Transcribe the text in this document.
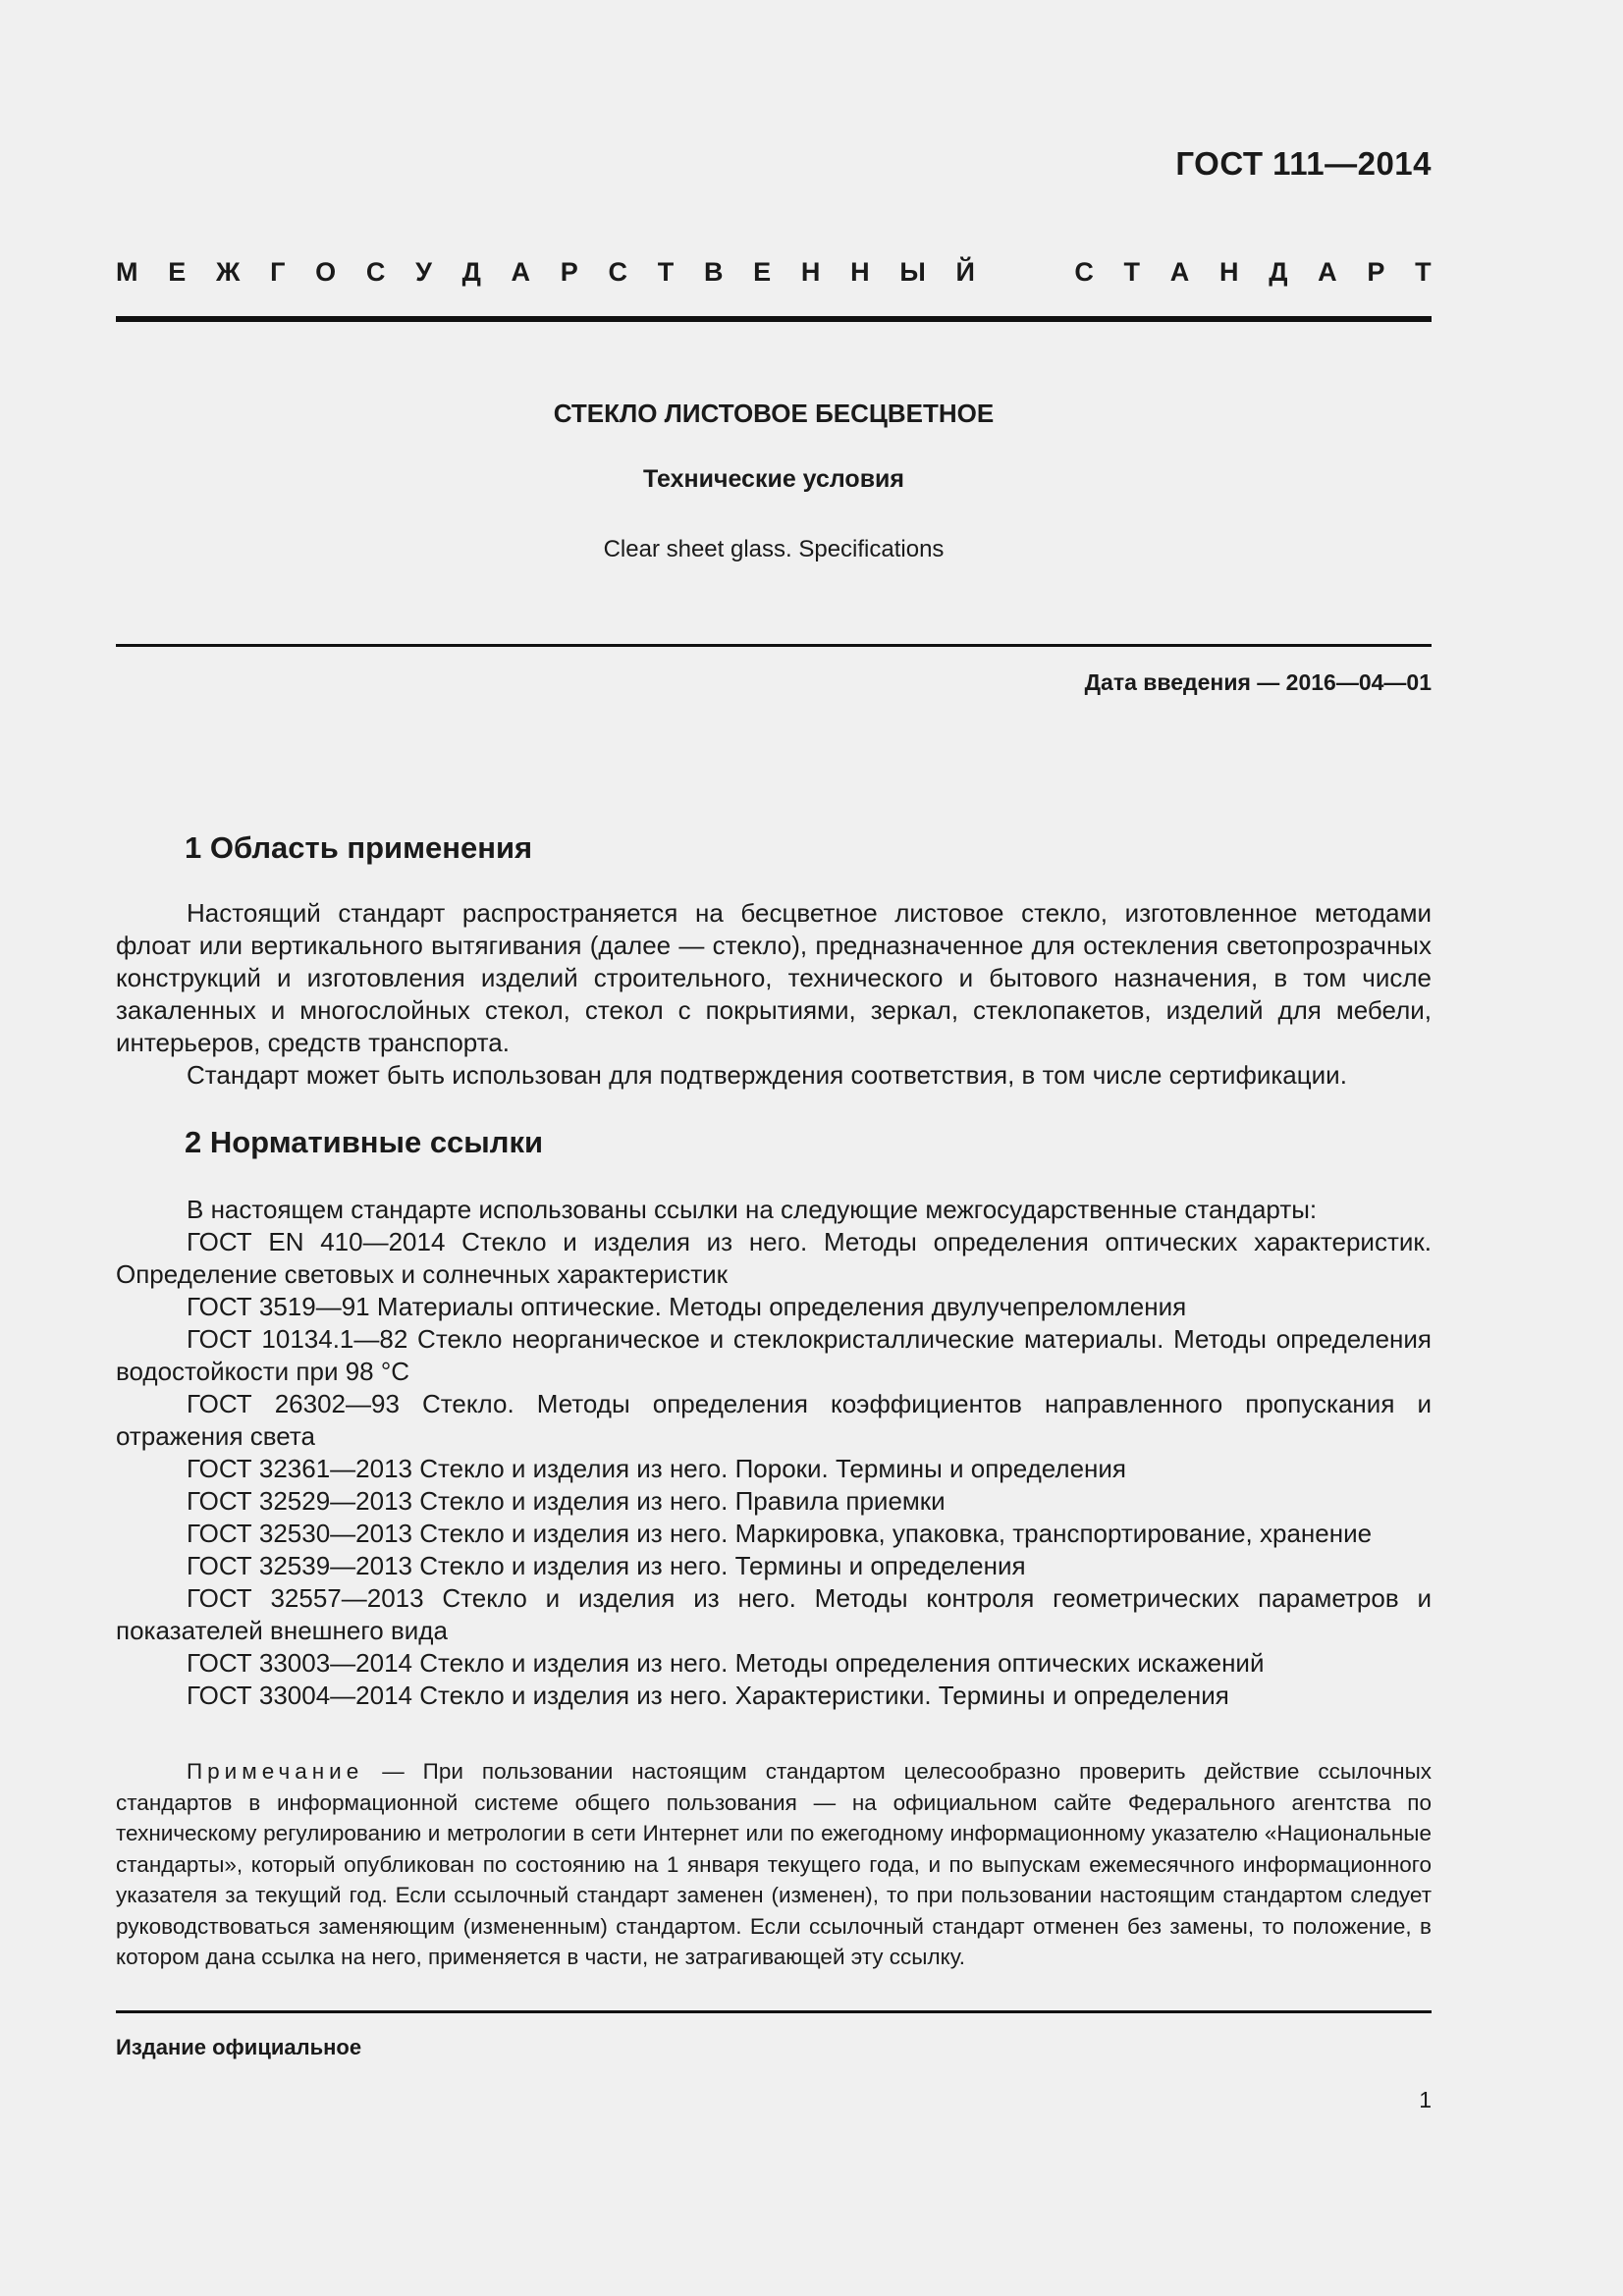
ГОСТ 111—2014
М Е Ж Г О С У Д А Р С Т В Е Н Н Ы Й	С Т А Н Д А Р Т
СТЕКЛО ЛИСТОВОЕ БЕСЦВЕТНОЕ
Технические условия
Clear sheet glass. Specifications
Дата введения — 2016—04—01
1 Область применения

Настоящий стандарт распространяется на бесцветное листовое стекло, изготовленное методами флоат или вертикального вытягивания (далее — стекло), предназначенное для остекления светопрозрачных конструкций и изготовления изделий строительного, технического и бытового назначения, в том числе закаленных и многослойных стекол, стекол с покрытиями, зеркал, стеклопакетов, изделий для мебели, интерьеров, средств транспорта.

Стандарт может быть использован для подтверждения соответствия, в том числе сертификации.

2 Нормативные ссылки

В настоящем стандарте использованы ссылки на следующие межгосударственные стандарты:

ГОСТ EN 410—2014 Стекло и изделия из него. Методы определения оптических характеристик. Определение световых и солнечных характеристик

ГОСТ 3519—91 Материалы оптические. Методы определения двулучепреломления

ГОСТ 10134.1—82 Стекло неорганическое и стеклокристаллические материалы. Методы определения водостойкости при 98 °С

ГОСТ 26302—93 Стекло. Методы определения коэффициентов направленного пропускания и отражения света

ГОСТ 32361—2013 Стекло и изделия из него. Пороки. Термины и определения

ГОСТ 32529—2013 Стекло и изделия из него. Правила приемки

ГОСТ 32530—2013 Стекло и изделия из него. Маркировка, упаковка, транспортирование, хранение

ГОСТ 32539—2013 Стекло и изделия из него. Термины и определения

ГОСТ 32557—2013 Стекло и изделия из него. Методы контроля геометрических параметров и показателей внешнего вида

ГОСТ 33003—2014 Стекло и изделия из него. Методы определения оптических искажений

ГОСТ 33004—2014 Стекло и изделия из него. Характеристики. Термины и определения

Примечание — При пользовании настоящим стандартом целесообразно проверить действие ссылочных стандартов в информационной системе общего пользования — на официальном сайте Федерального агентства по техническому регулированию и метрологии в сети Интернет или по ежегодному информационному указателю «Национальные стандарты», который опубликован по состоянию на 1 января текущего года, и по выпускам ежемесячного информационного указателя за текущий год. Если ссылочный стандарт заменен (изменен), то при пользовании настоящим стандартом следует руководствоваться заменяющим (измененным) стандартом. Если ссылочный стандарт отменен без замены, то положение, в котором дана ссылка на него, применяется в части, не затрагивающей эту ссылку.
Издание официальное
1
